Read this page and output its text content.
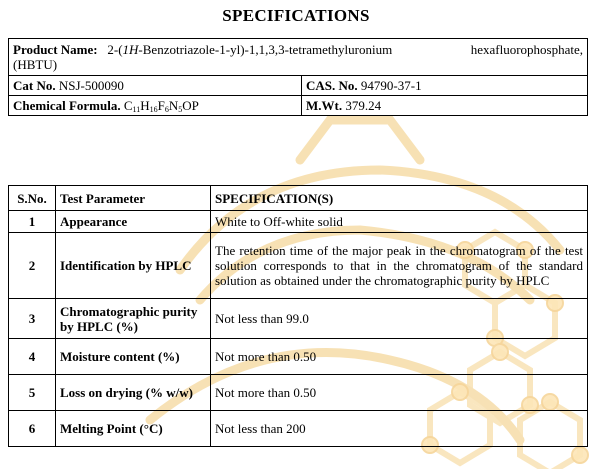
SPECIFICATIONS
Product Name: 2-(1H-Benzotriazole-1-yl)-1,1,3,3-tetramethyluronium hexafluorophosphate,
(HBTU)	

Cat No. NSJ-500090	CAS. No. 94790-37-1
Chemical Formula. $C_{11}H_{16}F_6N_5OP$	M.Wt. 379.24
S.No.	Test Parameter	SPECIFICATION(S)
1	Appearance	White to Off-white solid
2	Identification by HPLC	The retention time of the major peak in the chromatogram of the test solution corresponds to that in the chromatogram of the standard solution as obtained under the chromatographic purity by HPLC
3	Chromatographic purity by HPLC (%)	Not less than 99.0
4	Moisture content (%)	Not more than 0.50
5	Loss on drying (% w/w)	Not more than 0.50
6	Melting Point (°C)	Not less than 200
